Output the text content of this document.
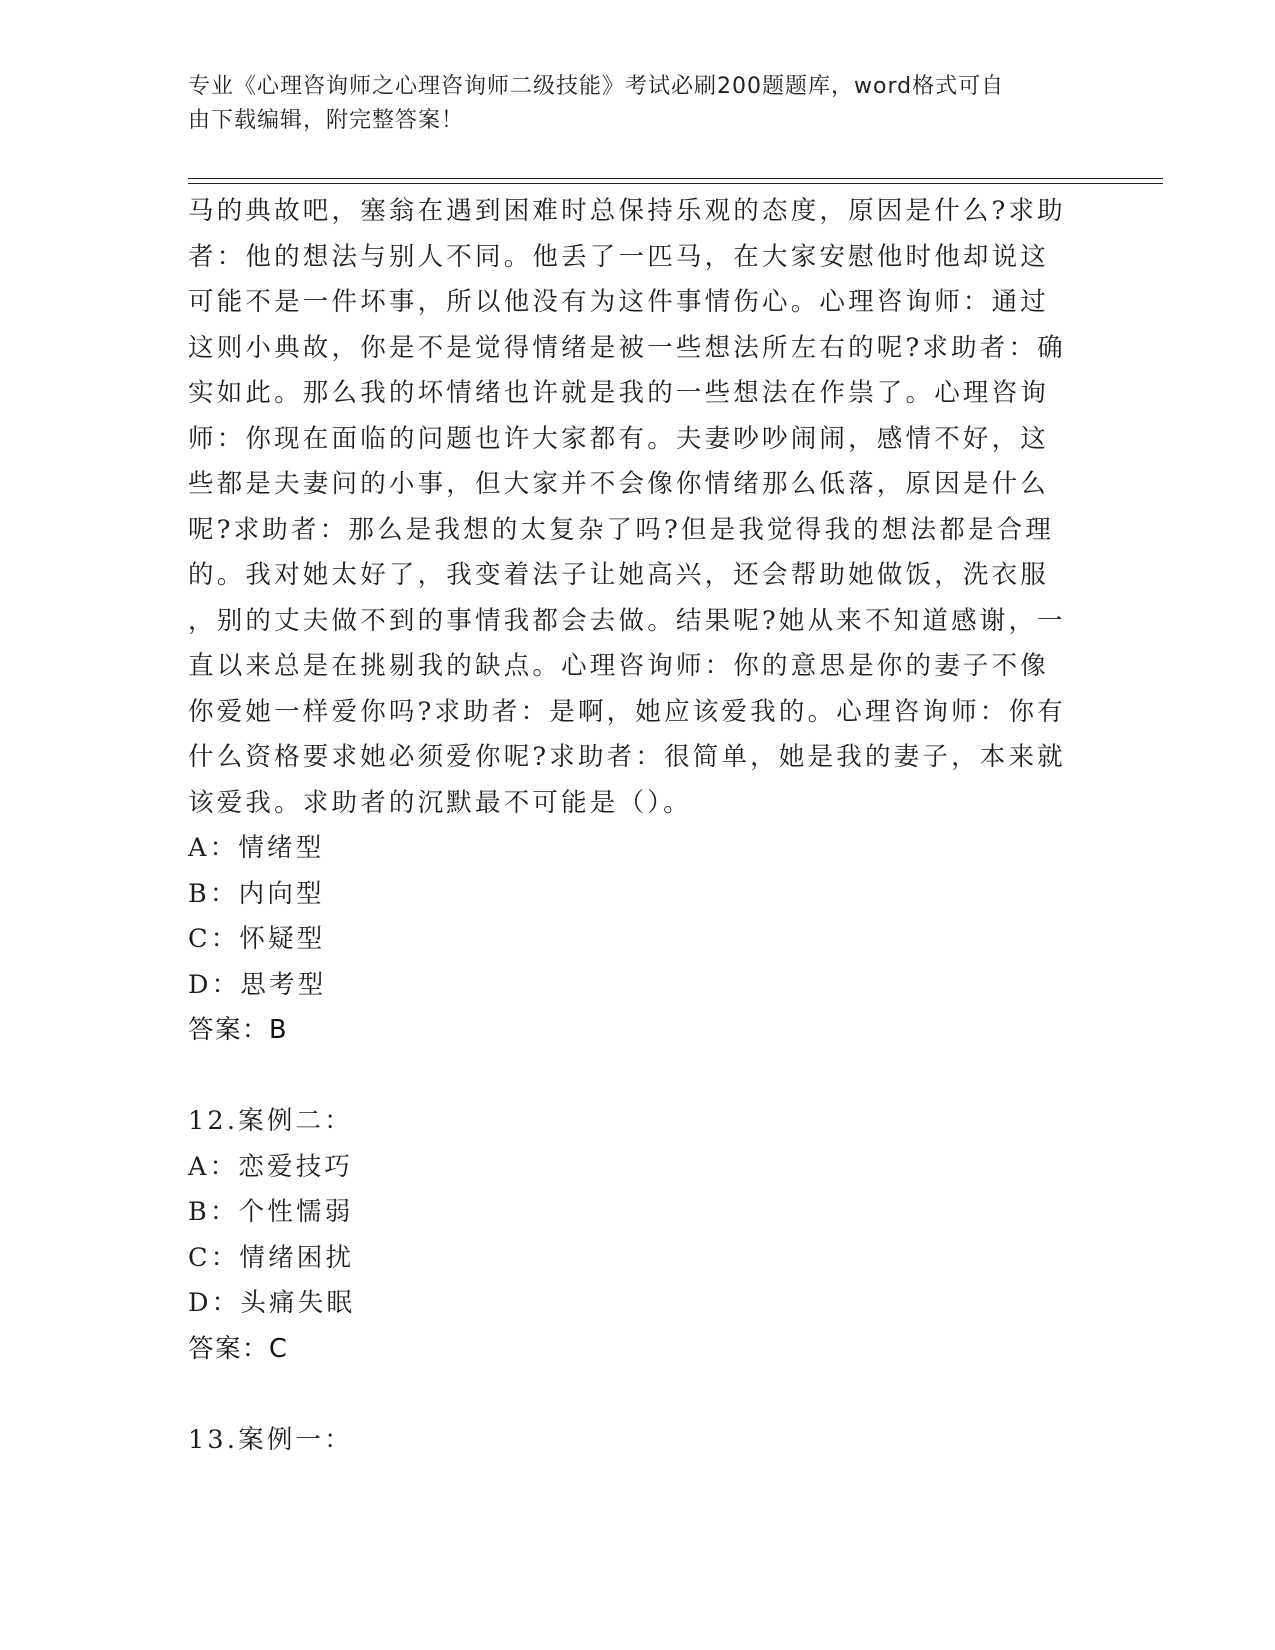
专业《心理咨询师之心理咨询师二级技能》考试必刷200题题库，word格式可自
由下载编辑，附完整答案！
马的典故吧，塞翁在遇到困难时总保持乐观的态度，原因是什么?求助
者：他的想法与别人不同。他丢了一匹马，在大家安慰他时他却说这
可能不是一件坏事，所以他没有为这件事情伤心。心理咨询师：通过
这则小典故，你是不是觉得情绪是被一些想法所左右的呢?求助者：确
实如此。那么我的坏情绪也许就是我的一些想法在作祟了。心理咨询
师：你现在面临的问题也许大家都有。夫妻吵吵闹闹，感情不好，这
些都是夫妻问的小事，但大家并不会像你情绪那么低落，原因是什么
呢?求助者：那么是我想的太复杂了吗?但是我觉得我的想法都是合理
的。我对她太好了，我变着法子让她高兴，还会帮助她做饭，洗衣服
，别的丈夫做不到的事情我都会去做。结果呢?她从来不知道感谢，一
直以来总是在挑剔我的缺点。心理咨询师：你的意思是你的妻子不像
你爱她一样爱你吗?求助者：是啊，她应该爱我的。心理咨询师：你有
什么资格要求她必须爱你呢?求助者：很简单，她是我的妻子，本来就
该爱我。求助者的沉默最不可能是（）。
A：情绪型
B：内向型
C：怀疑型
D：思考型
答案：B
12.案例二：
A：恋爱技巧
B：个性懦弱
C：情绪困扰
D：头痛失眠
答案：C
13.案例一：
